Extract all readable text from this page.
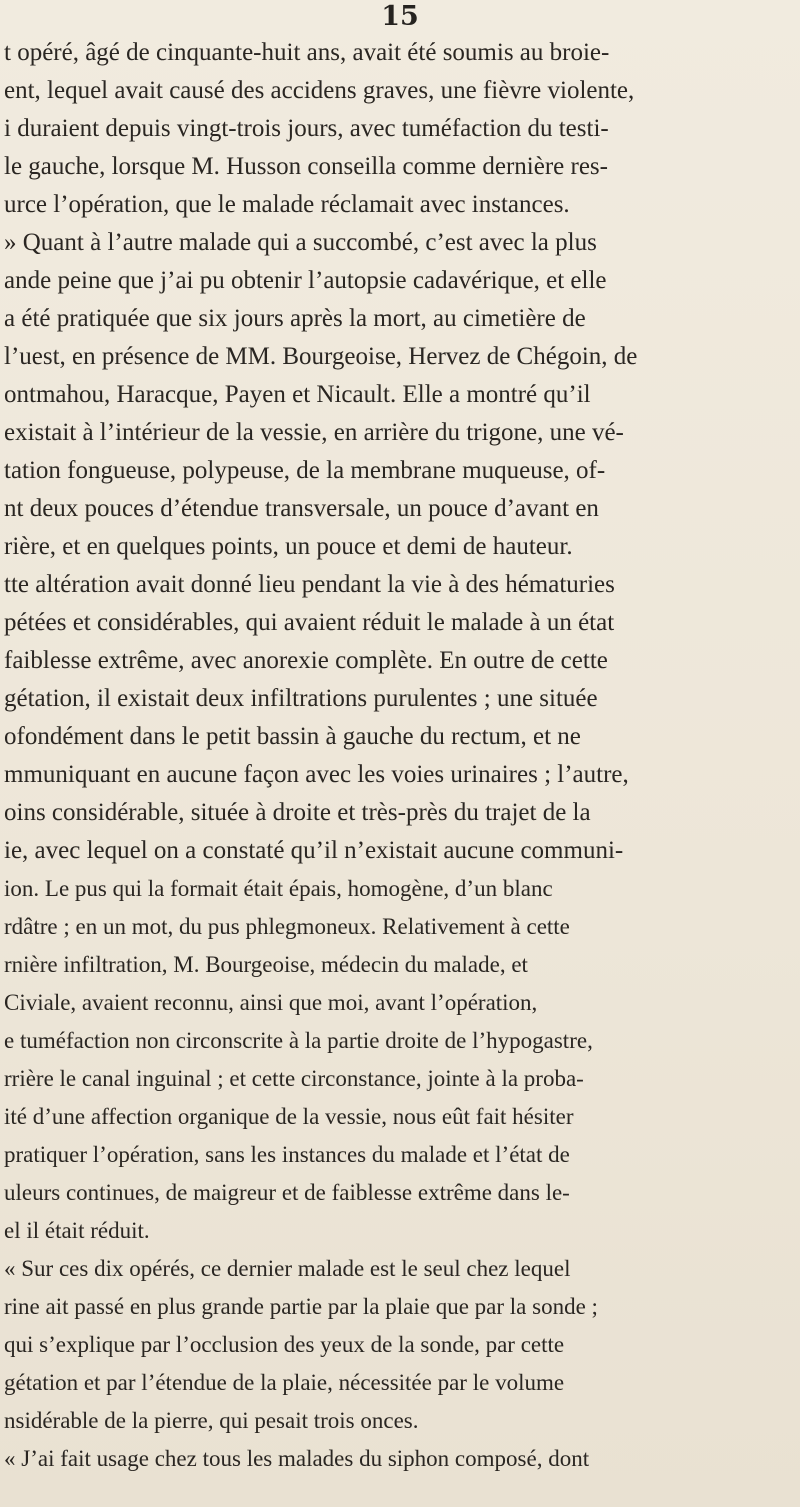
15
t opéré, âgé de cinquante-huit ans, avait été soumis au broie-
ent, lequel avait causé des accidens graves, une fièvre violente,
i duraient depuis vingt-trois jours, avec tuméfaction du testi-
le gauche, lorsque M. Husson conseilla comme dernière res-
urce l’opération, que le malade réclamait avec instances.
» Quant à l’autre malade qui a succombé, c’est avec la plus
ande peine que j’ai pu obtenir l’autopsie cadavérique, et elle
a été pratiquée que six jours après la mort, au cimetière de
l’uest, en présence de MM. Bourgeoise, Hervez de Chégoin, de
ontmahou, Haracque, Payen et Nicault. Elle a montré qu’il
existait à l’intérieur de la vessie, en arrière du trigone, une vé-
tation fongueuse, polypeuse, de la membrane muqueuse, of-
nt deux pouces d’étendue transversale, un pouce d’avant en
rière, et en quelques points, un pouce et demi de hauteur.
tte altération avait donné lieu pendant la vie à des hématuries
pétées et considérables, qui avaient réduit le malade à un état
faiblesse extrême, avec anorexie complète. En outre de cette
gétation, il existait deux infiltrations purulentes ; une située
ofondément dans le petit bassin à gauche du rectum, et ne
mmuniquant en aucune façon avec les voies urinaires ; l’autre,
oins considérable, située à droite et très-près du trajet de la
ie, avec lequel on a constaté qu’il n’existait aucune communi-
ion. Le pus qui la formait était épais, homogène, d’un blanc
rdâtre ; en un mot, du pus phlegmoneux. Relativement à cette
rnière infiltration, M. Bourgeoise, médecin du malade, et
Civiale, avaient reconnu, ainsi que moi, avant l’opération,
e tuméfaction non circonscrite à la partie droite de l’hypogastre,
rrière le canal inguinal ; et cette circonstance, jointe à la proba-
ité d’une affection organique de la vessie, nous eût fait hésiter
pratiquer l’opération, sans les instances du malade et l’état de
uleurs continues, de maigreur et de faiblesse extrême dans le-
el il était réduit.
« Sur ces dix opérés, ce dernier malade est le seul chez lequel
rine ait passé en plus grande partie par la plaie que par la sonde ;
qui s’explique par l’occlusion des yeux de la sonde, par cette
gétation et par l’étendue de la plaie, nécessitée par le volume
nsidérable de la pierre, qui pesait trois onces.
« J’ai fait usage chez tous les malades du siphon composé, dont
